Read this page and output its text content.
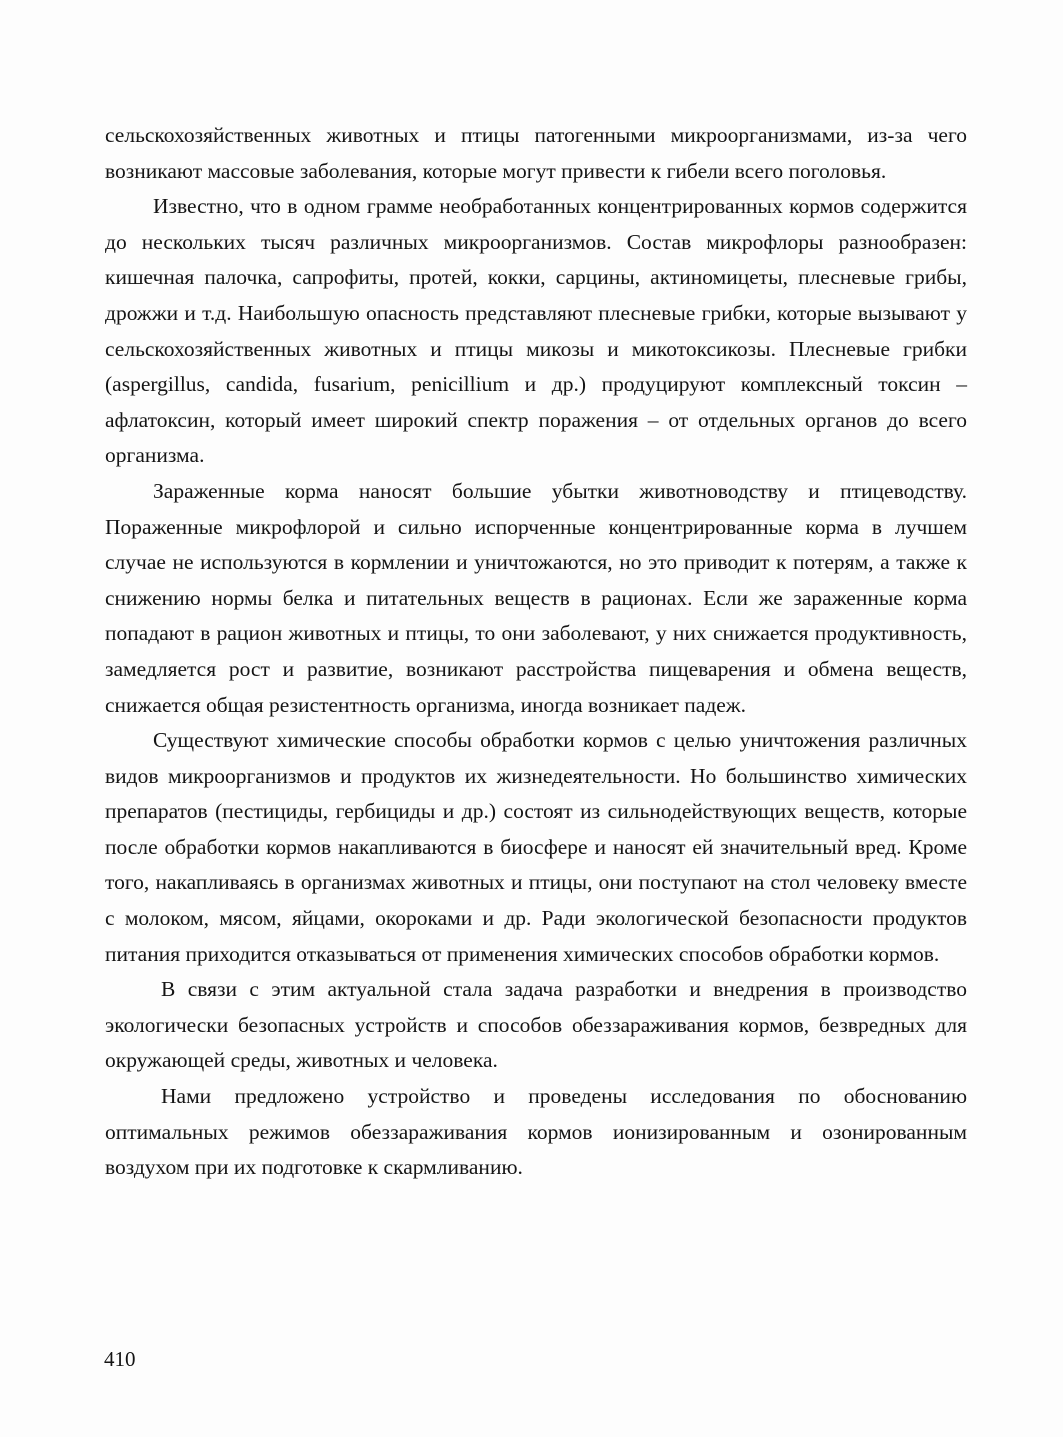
сельскохозяйственных животных и птицы патогенными микроорганизмами, из-за чего возникают массовые заболевания, которые могут привести к гибели всего поголовья.

Известно, что в одном грамме необработанных концентрированных кормов содержится до нескольких тысяч различных микроорганизмов. Состав микрофлоры разнообразен: кишечная палочка, сапрофиты, протей, кокки, сарцины, актиномицеты, плесневые грибы, дрожжи и т.д. Наибольшую опасность представляют плесневые грибки, которые вызывают у сельскохозяйственных животных и птицы микозы и микотоксикозы. Плесневые грибки (aspergillus, candida, fusarium, penicillium и др.) продуцируют комплексный токсин – афлатоксин, который имеет широкий спектр поражения – от отдельных органов до всего организма.

Зараженные корма наносят большие убытки животноводству и птицеводству. Пораженные микрофлорой и сильно испорченные концентрированные корма в лучшем случае не используются в кормлении и уничтожаются, но это приводит к потерям, а также к снижению нормы белка и питательных веществ в рационах. Если же зараженные корма попадают в рацион животных и птицы, то они заболевают, у них снижается продуктивность, замедляется рост и развитие, возникают расстройства пищеварения и обмена веществ, снижается общая резистентность организма, иногда возникает падеж.

Существуют химические способы обработки кормов с целью уничтожения различных видов микроорганизмов и продуктов их жизнедеятельности. Но большинство химических препаратов (пестициды, гербициды и др.) состоят из сильнодействующих веществ, которые после обработки кормов накапливаются в биосфере и наносят ей значительный вред. Кроме того, накапливаясь в организмах животных и птицы, они поступают на стол человеку вместе с молоком, мясом, яйцами, окороками и др. Ради экологической безопасности продуктов питания приходится отказываться от применения химических способов обработки кормов.

В связи с этим актуальной стала задача разработки и внедрения в производство экологически безопасных устройств и способов обеззараживания кормов, безвредных для окружающей среды, животных и человека.

Нами предложено устройство и проведены исследования по обоснованию оптимальных режимов обеззараживания кормов ионизированным и озонированным воздухом при их подготовке к скармливанию.

410
